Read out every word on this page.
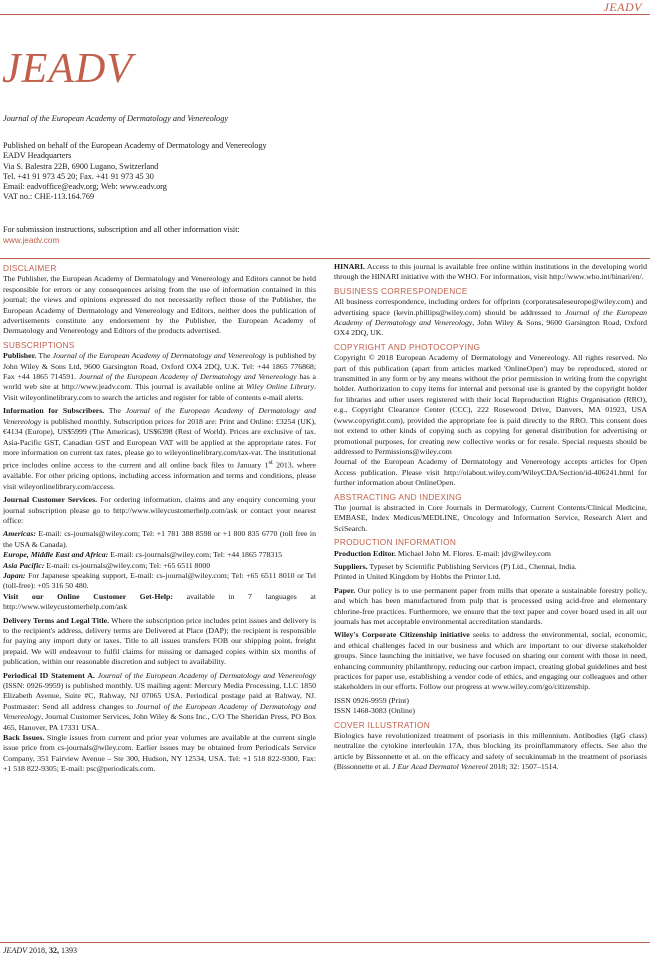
JEADV
JEADV
Journal of the European Academy of Dermatology and Venereology
Published on behalf of the European Academy of Dermatology and Venereology
EADV Headquarters
Via S. Balestra 22B, 6900 Lugano, Switzerland
Tel. +41 91 973 45 20; Fax. +41 91 973 45 30
Email: eadvoffice@eadv.org; Web: www.eadv.org
VAT no.: CHE-113.164.769
For submission instructions, subscription and all other information visit:
www.jeadv.com
DISCLAIMER

The Publisher, the European Academy of Dermatology and Venereology and Editors cannot be held responsible for errors or any consequences arising from the use of information contained in this journal; the views and opinions expressed do not necessarily reflect those of the Publisher, the European Academy of Dermatology and Venereology and Editors, neither does the publication of advertisements constitute any endorsement by the Publisher, the European Academy of Dermatology and Venereology and Editors of the products advertised.

SUBSCRIPTIONS

Publisher. The Journal of the European Academy of Dermatology and Venereology is published by John Wiley & Sons Ltd, 9600 Garsington Road, Oxford OX4 2DQ, U.K. Tel: +44 1865 776868; Fax +44 1865 714591. Journal of the European Academy of Dermatology and Venereology has a world web site at http://www.jeadv.com. This journal is available online at Wiley Online Library. Visit wileyonlinelibrary.com to search the articles and register for table of contents e-mail alerts.

Information for Subscribers. The Journal of the European Academy of Dermatology and Venereology is published monthly. Subscription prices for 2018 are: Print and Online: £3254 (UK), €4134 (Europe), US$5999 (The Americas), US$6398 (Rest of World). Prices are exclusive of tax. Asia-Pacific GST, Canadian GST and European VAT will be applied at the appropriate rates. For more information on current tax rates, please go to wileyonlinelibrary.com/tax-vat. The institutional price includes online access to the current and all online back files to January 1st 2013, where available. For other pricing options, including access information and terms and conditions, please visit wileyonlinelibrary.com/access.

Journal Customer Services. For ordering information, claims and any enquiry concerning your journal subscription please go to http://www.wileycustomerhelp.com/ask or contact your nearest office:

Americas: E-mail: cs-journals@wiley.com; Tel: +1 781 388 8598 or +1 800 835 6770 (toll free in the USA & Canada).
Europe, Middle East and Africa: E-mail: cs-journals@wiley.com; Tel: +44 1865 778315
Asia Pacific: E-mail: cs-journals@wiley.com; Tel: +65 6511 8000
Japan: For Japanese speaking support, E-mail: cs-journal@wiley.com; Tel: +65 6511 8010 or Tel (toll-free): +05 316 50 480.

Visit our Online Customer Get-Help: available in 7 languages at http://www.wileycustomerhelp.com/ask

Delivery Terms and Legal Title. Where the subscription price includes print issues and delivery is to the recipient's address, delivery terms are Delivered at Place (DAP); the recipient is responsible for paying any import duty or taxes. Title to all issues transfers FOB our shipping point, freight prepaid. We will endeavour to fulfil claims for missing or damaged copies within six months of publication, within our reasonable discretion and subject to availability.

Periodical ID Statement A. Journal of the European Academy of Dermatology and Venereology (ISSN: 0926-9959) is published monthly. US mailing agent: Mercury Media Processing, LLC 1850 Elizabeth Avenue, Suite #C, Rahway, NJ 07065 USA. Periodical postage paid at Rahway, NJ. Postmaster: Send all address changes to Journal of the European Academy of Dermatology and Venereology, Journal Customer Services, John Wiley & Sons Inc., C/O The Sheridan Press, PO Box 465, Hanover, PA 17331 USA.
Back Issues. Single issues from current and prior year volumes are available at the current single issue price from cs-journals@wiley.com. Earlier issues may be obtained from Periodicals Service Company, 351 Fairview Avenue – Ste 300, Hudson, NY 12534, USA. Tel: +1 518 822-9300, Fax: +1 518 822-9305; E-mail: psc@periodicals.com.

HINARI. Access to this journal is available free online within institutions in the developing world through the HINARI initiative with the WHO. For information, visit http://www.who.int/hinari/en/.

BUSINESS CORRESPONDENCE

All business correspondence, including orders for offprints (corporatesaleseurope@wiley.com) and advertising space (kevin.phillips@wiley.com) should be addressed to Journal of the European Academy of Dermatology and Venereology, John Wiley & Sons, 9600 Garsington Road, Oxford OX4 2DQ, UK.

COPYRIGHT AND PHOTOCOPYING

Copyright © 2018 European Academy of Dermatology and Venereology. All rights reserved. No part of this publication (apart from articles marked 'OnlineOpen') may be reproduced, stored or transmitted in any form or by any means without the prior permission in writing from the copyright holder. Authorization to copy items for internal and personal use is granted by the copyright holder for libraries and other users registered with their local Reproduction Rights Organisation (RRO), e.g., Copyright Clearance Center (CCC), 222 Rosewood Drive, Danvers, MA 01923, USA (www.copyright.com), provided the appropriate fee is paid directly to the RRO. This consent does not extend to other kinds of copying such as copying for general distribution for advertising or promotional purposes, for creating new collective works or for resale. Special requests should be addressed to Permissions@wiley.com

Journal of the European Academy of Dermatology and Venereology accepts articles for Open Access publication. Please visit http://olabout.wiley.com/WileyCDA/Section/id-406241.html for further information about OnlineOpen.

ABSTRACTING AND INDEXING

The journal is abstracted in Core Journals in Dermatology, Current Contents/Clinical Medicine, EMBASE, Index Medicus/MEDLINE, Oncology and Information Service, Research Alert and SciSearch.

PRODUCTION INFORMATION

Production Editor. Michael John M. Flores. E-mail: jdv@wiley.com

Suppliers. Typeset by Scientific Publishing Services (P) Ltd., Chennai, India.

Printed in United Kingdom by Hobbs the Printer Ltd.

Paper. Our policy is to use permanent paper from mills that operate a sustainable forestry policy, and which has been manufactured from pulp that is processed using acid-free and elementary chlorine-free practices. Furthermore, we ensure that the text paper and cover board used in all our journals has met acceptable environmental accreditation standards.

Wiley's Corporate Citizenship initiative seeks to address the environmental, social, economic, and ethical challenges faced in our business and which are important to our diverse stakeholder groups. Since launching the initiative, we have focused on sharing our content with those in need, enhancing community philanthropy, reducing our carbon impact, creating global guidelines and best practices for paper use, establishing a vendor code of ethics, and engaging our colleagues and other stakeholders in our efforts. Follow our progress at www.wiley.com/go/citizenship.

ISSN 0926-9959 (Print)
ISSN 1468-3083 (Online)
COVER ILLUSTRATION

Biologics have revolutionized treatment of psoriasis in this millennium. Antibodies (IgG class) neutralize the cytokine interleukin 17A, thus blocking its proinflammatory effects. See also the article by Bissonnette et al. on the efficacy and safety of secukinumab in the treatment of psoriasis (Bissonnette et al. J Eur Acad Dermatol Venereol 2018; 32: 1507–1514.

JEADV 2018, 32, 1393
